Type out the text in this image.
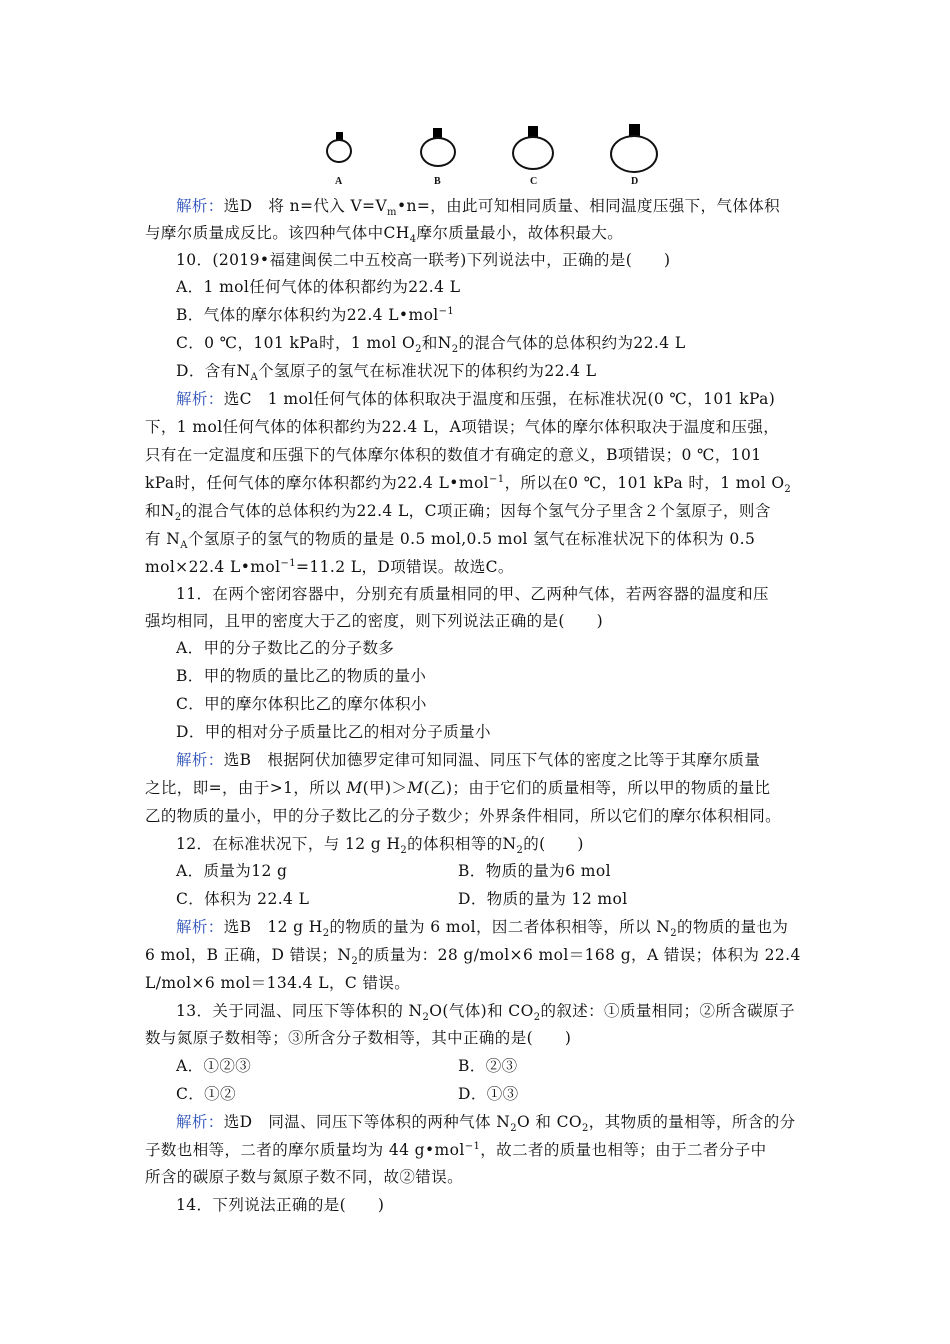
A	B	C	D
解析：选D　 将 n=代入 $V=V_m•n=$，由此可知相同质量、相同温度压强下，气体体积
与摩尔质量成反比。该四种气体中$CH_4$摩尔质量最小，故体积最大。
10．(2019•福建闽侯二中五校高一联考)下列说法中，正确的是(　　)
A．1 mol任何气体的体积都约为22.4 L
B．气体的摩尔体积约为22.4 L•mol$^{-1}$
C．0 ℃，101 kPa时，1 mol $O_2$和$N_2$的混合气体的总体积约为22.4 L
D．含有$N_A$个氢原子的氢气在标准状况下的体积约为22.4 L
解析：选C　 1 mol任何气体的体积取决于温度和压强，在标准状况(0 ℃，101 kPa)
下，1 mol任何气体的体积都约为22.4 L，A项错误；气体的摩尔体积取决于温度和压强，
只有在一定温度和压强下的气体摩尔体积的数值才有确定的意义，B项错误；0 ℃，101
kPa时，任何气体的摩尔体积都约为22.4 L•mol$^{-1}$，所以在0 ℃，101 kPa 时，1 mol $O_2$
和$N_2$的混合气体的总体积约为22.4 L，C项正确；因每个氢气分子里含２个氢原子，则含
有 $N_A$个氢原子的氢气的物质的量是 0.5 mol,0.5 mol 氢气在标准状况下的体积为 0.5
mol×22.4 L•mol$^{-1}$=11.2 L，D项错误。故选C。
11．在两个密闭容器中，分别充有质量相同的甲、乙两种气体，若两容器的温度和压
强均相同，且甲的密度大于乙的密度，则下列说法正确的是(　　)
A．甲的分子数比乙的分子数多
B．甲的物质的量比乙的物质的量小
C．甲的摩尔体积比乙的摩尔体积小
D．甲的相对分子质量比乙的相对分子质量小
解析：选B　 根据阿伏加德罗定律可知同温、同压下气体的密度之比等于其摩尔质量
之比，即=，由于>1，所以 M(甲)＞M(乙)；由于它们的质量相等，所以甲的物质的量比
乙的物质的量小，甲的分子数比乙的分子数少；外界条件相同，所以它们的摩尔体积相同。
12．在标准状况下，与 12 g $H_2$的体积相等的$N_2$的(　　)
A．质量为12 g	B．物质的量为6 mol
C．体积为 22.4 L	D．物质的量为 12 mol
解析：选B　 12 g $H_2$的物质的量为 6 mol，因二者体积相等，所以 $N_2$的物质的量也为
6 mol，B 正确，D 错误；$N_2$的质量为：28 g/mol×6 mol＝168 g，A 错误；体积为 22.4
L/mol×6 mol＝134.4 L，C 错误。
13．关于同温、同压下等体积的 $N_2O$(气体)和 $CO_2$的叙述：①质量相同；②所含碳原子
数与氮原子数相等；③所含分子数相等，其中正确的是(　　)
A．①②③	B．②③
C．①②	D．①③
解析：选D　 同温、同压下等体积的两种气体 $N_2O$ 和 $CO_2$，其物质的量相等，所含的分
子数也相等，二者的摩尔质量均为 44 g•mol$^{-1}$，故二者的质量也相等；由于二者分子中
所含的碳原子数与氮原子数不同，故②错误。
14．下列说法正确的是(　　)
